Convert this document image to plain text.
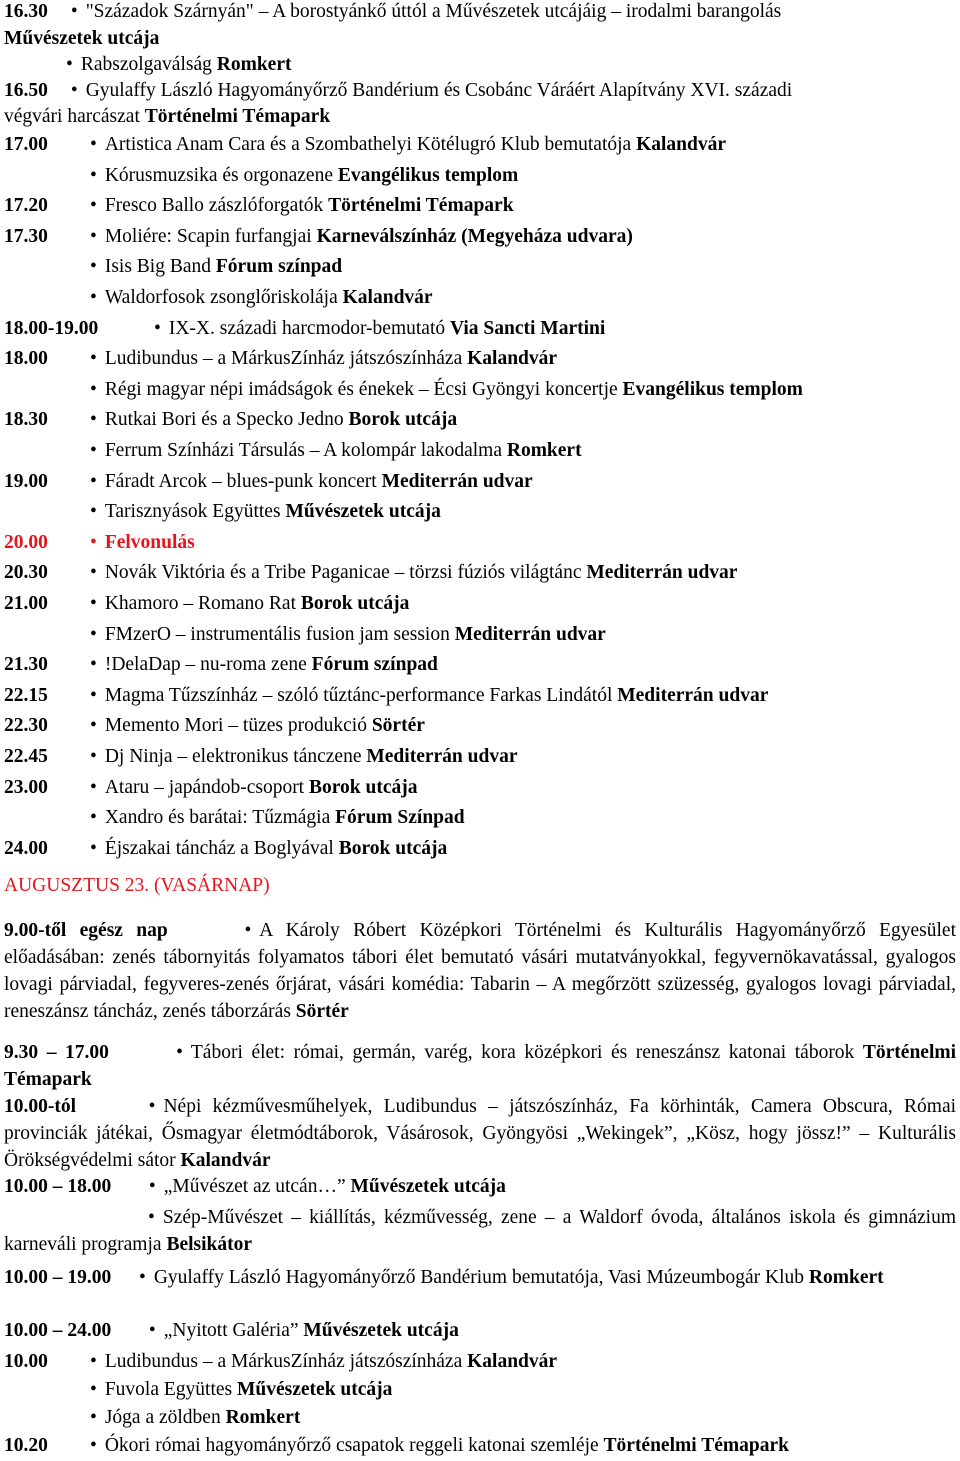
16.30 • "Századok Szárnyán" – A borostyánkő úttól a Művészetek utcájáig – irodalmi barangolás
Művészetek utcája
• Rabszolgaválság Romkert
16.50 • Gyulaffy László Hagyományőrző Bandérium és Csobánc Váráért Alapítvány XVI. századi
végvári harcászat Történelmi Témapark
17.00 •	Artistica Anam Cara és a Szombathelyi Kötélugró Klub bemutatója Kalandvár
• Kórusmuzsika és orgonazene Evangélikus templom
17.20 •	Fresco Ballo zászlóforgatók Történelmi Témapark
17.30 •	Moliére: Scapin furfangjai Karneválszínház (Megyeháza udvara)
• Isis Big Band Fórum színpad
• Waldorfosok zsonglőriskolája Kalandvár
18.00-19.00 •	IX-X. századi harcmodor-bemutató Via Sancti Martini
18.00 •	Ludibundus – a MárkusZínház játszószínháza Kalandvár
• Régi magyar népi imádságok és énekek – Écsi Gyöngyi koncertje Evangélikus templom
18.30 •	Rutkai Bori és a Specko Jedno Borok utcája
• Ferrum Színházi Társulás – A kolompár lakodalma Romkert
19.00 •	Fáradt Arcok – blues-punk koncert Mediterrán udvar
• Tarisznyások Együttes Művészetek utcája
20.00 •	Felvonulás
20.30 •	Novák Viktória és a Tribe Paganicae – törzsi fúziós világtánc Mediterrán udvar
21.00 •	Khamoro – Romano Rat Borok utcája
• FMzerO – instrumentális fusion jam session Mediterrán udvar
21.30 •	!DelaDap – nu-roma zene Fórum színpad
22.15 •	Magma Tűzszínház – szóló tűztánc-performance Farkas Lindától Mediterrán udvar
22.30 •	Memento Mori – tüzes produkció Sörtér
22.45 •	Dj Ninja – elektronikus tánczene Mediterrán udvar
23.00 •	Ataru – japándob-csoport Borok utcája
• Xandro és barátai: Tűzmágia Fórum Színpad
24.00 •	Éjszakai táncház a Boglyával Borok utcája
AUGUSZTUS 23. (VASÁRNAP)
9.00-től egész nap •	A Károly Róbert Középkori Történelmi és Kulturális Hagyományőrző Egyesület előadásában: zenés tábornyitás folyamatos tábori élet bemutató vásári mutatványokkal, fegyvernökavatással, gyalogos lovagi párviadal, fegyveres-zenés őrjárat, vásári komédia: Tabarin – A megőrzött szüzesség, gyalogos lovagi párviadal, reneszánsz táncház, zenés táborzárás Sörtér
9.30 – 17.00 •	Tábori élet: római, germán, varég, kora középkori és reneszánsz katonai táborok Történelmi Témapark
10.00-tól •	Népi kézművesműhelyek, Ludibundus – játszószínház, Fa körhinták, Camera Obscura, Római provinciák játékai, Ősmagyar életmódtáborok, Vásárosok, Gyöngyösi „Wekingek”, „Kösz, hogy jössz!” – Kulturális Örökségvédelmi sátor Kalandvár
10.00 – 18.00 •	„Művészet az utcán…” Művészetek utcája
• Szép-Művészet – kiállítás, kézművesség, zene – a Waldorf óvoda, általános iskola és gimnázium karneváli programja Belsikátor
10.00 – 19.00 • Gyulaffy László Hagyományőrző Bandérium bemutatója, Vasi Múzeumbogár Klub Romkert
10.00 – 24.00 •	„Nyitott Galéria” Művészetek utcája
10.00 •	Ludibundus – a MárkusZínház játszószínháza Kalandvár
• Fuvola Együttes Művészetek utcája
• Jóga a zöldben Romkert
10.20 •	Ókori római hagyományőrző csapatok reggeli katonai szemléje Történelmi Témapark
